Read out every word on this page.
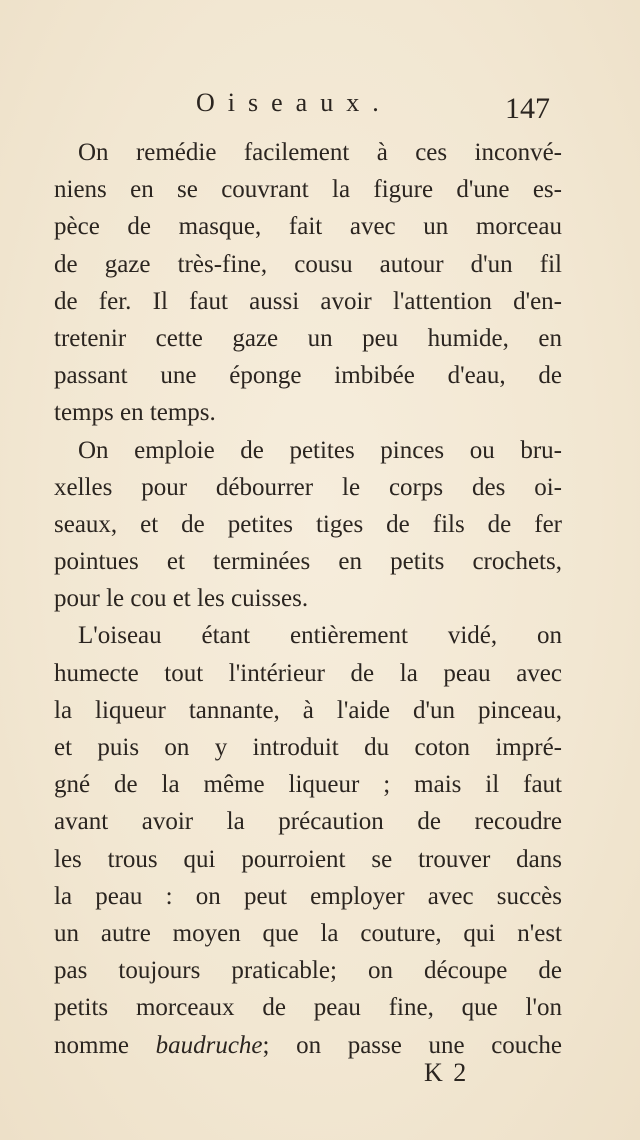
Oiseaux.	147
On remédie facilement à ces inconvé-
niens en se couvrant la figure d'une es-
pèce de masque, fait avec un morceau
de gaze très-fine, cousu autour d'un fil
de fer. Il faut aussi avoir l'attention d'en-
tretenir cette gaze un peu humide, en
passant une éponge imbibée d'eau, de
temps en temps.
On emploie de petites pinces ou bru-
xelles pour débourrer le corps des oi-
seaux, et de petites tiges de fils de fer
pointues et terminées en petits crochets,
pour le cou et les cuisses.
L'oiseau étant entièrement vidé, on
humecte tout l'intérieur de la peau avec
la liqueur tannante, à l'aide d'un pinceau,
et puis on y introduit du coton impré-
gné de la même liqueur ; mais il faut
avant avoir la précaution de recoudre
les trous qui pourroient se trouver dans
la peau : on peut employer avec succès
un autre moyen que la couture, qui n'est
pas toujours praticable; on découpe de
petits morceaux de peau fine, que l'on
nomme baudruche; on passe une couche
K 2
